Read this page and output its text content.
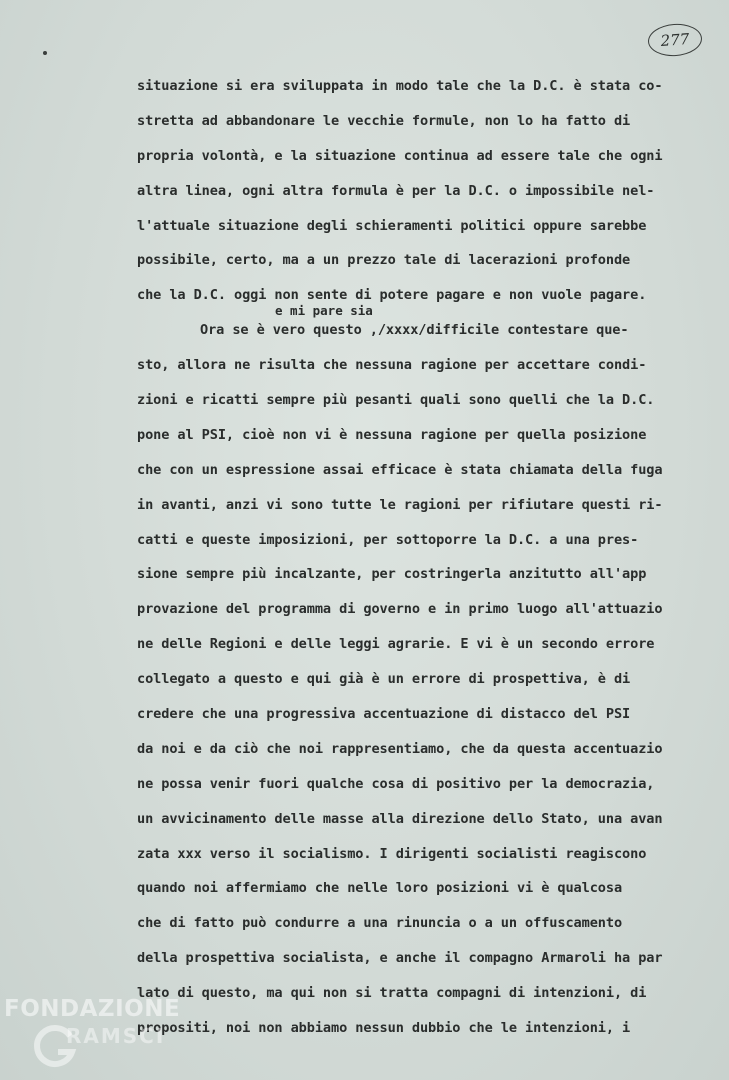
277
e mi pare sia
situazione si era sviluppata in modo tale che la D.C. è stata co-
stretta ad abbandonare le vecchie formule, non lo ha fatto di
propria volontà, e la situazione continua ad essere tale che ogni
altra linea, ogni altra formula è per la D.C. o impossibile nel-
l'attuale situazione degli schieramenti politici oppure sarebbe
possibile, certo, ma a un prezzo tale di lacerazioni profonde
che la D.C. oggi non sente di potere pagare e non vuole pagare.
Ora se è vero questo ,/xxxx/difficile contestare que-
sto, allora ne risulta che nessuna ragione per accettare condi-
zioni e ricatti sempre più pesanti quali sono quelli che la D.C.
pone al PSI, cioè non vi è nessuna ragione per quella posizione
che con un espressione assai efficace è stata chiamata della fuga
in avanti, anzi vi sono tutte le ragioni per rifiutare questi ri-
catti e queste imposizioni, per sottoporre la D.C. a una pres-
sione sempre più incalzante, per costringerla anzitutto all'app
provazione del programma di governo e in primo luogo all'attuazio
ne delle Regioni e delle leggi agrarie. E vi è un secondo errore
collegato a questo e qui già è un errore di prospettiva, è di
credere che una progressiva accentuazione di distacco del PSI
da noi e da ciò che noi rappresentiamo, che da questa accentuazio
ne possa venir fuori qualche cosa di positivo per la democrazia,
un avvicinamento delle masse alla direzione dello Stato, una avan
zata xxx verso il socialismo. I dirigenti socialisti reagiscono
quando noi affermiamo che nelle loro posizioni vi è qualcosa
che di fatto può condurre a una rinuncia o a un offuscamento
della prospettiva socialista, e anche il compagno Armaroli ha par
lato di questo, ma qui non si tratta compagni di intenzioni, di
propositi, noi non abbiamo nessun dubbio che le intenzioni, i
FONDAZIONE
RAMSCI
